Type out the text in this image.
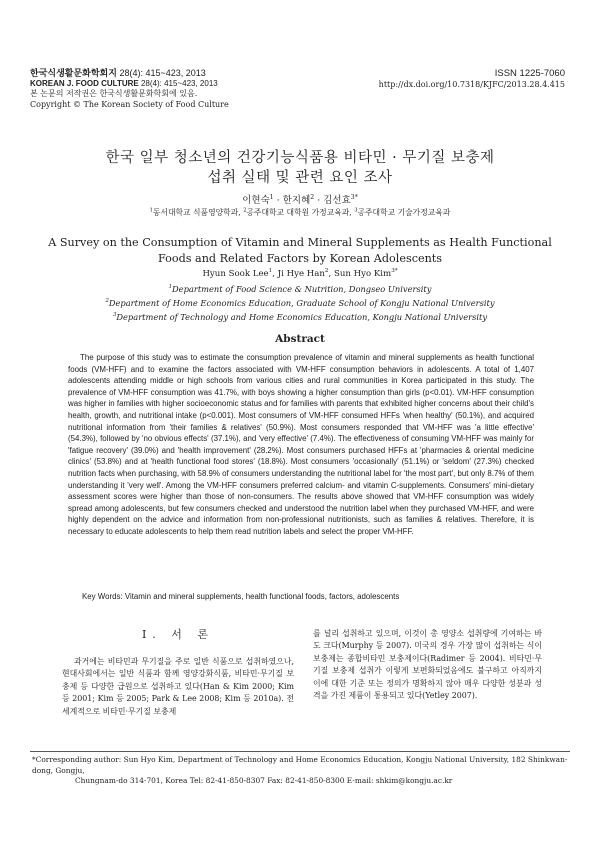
한국식생활문화학회지 28(4): 415~423, 2013
KOREAN J. FOOD CULTURE 28(4): 415~423, 2013
본 논문의 저작권은 한국식생활문화학회에 있음.
Copyright © The Korean Society of Food Culture
ISSN 1225-7060
http://dx.doi.org/10.7318/KJFC/2013.28.4.415
한국 일부 청소년의 건강기능식품용 비타민 · 무기질 보충제
섭취 실태 및 관련 요인 조사
이현숙$^1$ · 한지혜$^2$ · 김선효$^{3*}$
$^1$동서대학교 식품영양학과, $^2$공주대학교 대학원 가정교육과, $^3$공주대학교 기술가정교육과
A Survey on the Consumption of Vitamin and Mineral Supplements as Health Functional
Foods and Related Factors by Korean Adolescents
Hyun Sook Lee$^1$, Ji Hye Han$^2$, Sun Hyo Kim$^{3*}$
$^1$Department of Food Science & Nutrition, Dongseo University
$^2$Department of Home Economics Education, Graduate School of Kongju National University
$^3$Department of Technology and Home Economics Education, Kongju National University
Abstract
The purpose of this study was to estimate the consumption prevalence of vitamin and mineral supplements as health functional foods (VM-HFF) and to examine the factors associated with VM-HFF consumption behaviors in adolescents. A total of 1,407 adolescents attending middle or high schools from various cities and rural communities in Korea participated in this study. The prevalence of VM-HFF consumption was 41.7%, with boys showing a higher consumption than girls (p<0.01). VM-HFF consumption was higher in families with higher socioeconomic status and for families with parents that exhibited higher concerns about their child's health, growth, and nutritional intake (p<0.001). Most consumers of VM-HFF consumed HFFs 'when healthy' (50.1%), and acquired nutritional information from 'their families & relatives' (50.9%). Most consumers responded that VM-HFF was 'a little effective' (54.3%), followed by 'no obvious effects' (37.1%), and 'very effective' (7.4%). The effectiveness of consuming VM-HFF was mainly for 'fatigue recovery' (39.0%) and 'health improvement' (28.2%). Most consumers purchased HFFs at 'pharmacies & oriental medicine clinics' (53.8%) and at 'health functional food stores' (18.8%). Most consumers 'occasionally' (51.1%) or 'seldom' (27.3%) checked nutrition facts when purchasing, with 58.9% of consumers understanding the nutritional label for 'the most part', but only 8.7% of them understanding it 'very well'. Among the VM-HFF consumers preferred calcium- and vitamin C-supplements. Consumers' mini-dietary assessment scores were higher than those of non-consumers. The results above showed that VM-HFF consumption was widely spread among adolescents, but few consumers checked and understood the nutrition label when they purchased VM-HFF, and were highly dependent on the advice and information from non-professional nutritionists, such as families & relatives. Therefore, it is necessary to educate adolescents to help them read nutrition labels and select the proper VM-HFF.
Key Words: Vitamin and mineral supplements, health functional foods, factors, adolescents
I. 서 론
과거에는 비타민과 무기질을 주로 일반 식품으로 섭취하였으나, 현대사회에서는 일반 식품과 함께 영양강화식품, 비타민·무기질 보충제 등 다양한 급원으로 섭취하고 있다(Han & Kim 2000; Kim 등 2001; Kim 등 2005; Park & Lee 2008; Kim 등 2010a). 전세계적으로 비타민·무기질 보충제
를 널리 섭취하고 있으며, 이것이 총 영양소 섭취량에 기여하는 바도 크다(Murphy 등 2007). 미국의 경우 가장 많이 섭취하는 식이보충제는 종합비타민 보충제이다(Radimer 등 2004). 비타민·무기질 보충제 섭취가 이렇게 보편화되었음에도 불구하고 아직까지 이에 대한 기준 또는 정의가 명확하지 않아 매우 다양한 성분과 성격을 가진 제품이 통용되고 있다(Yetley 2007).
*Corresponding author: Sun Hyo Kim, Department of Technology and Home Economics Education, Kongju National University, 182 Shinkwan-dong, Gongju,
Chungnam-do 314-701, Korea Tel: 82-41-850-8307 Fax: 82-41-850-8300 E-mail: shkim@kongju.ac.kr
